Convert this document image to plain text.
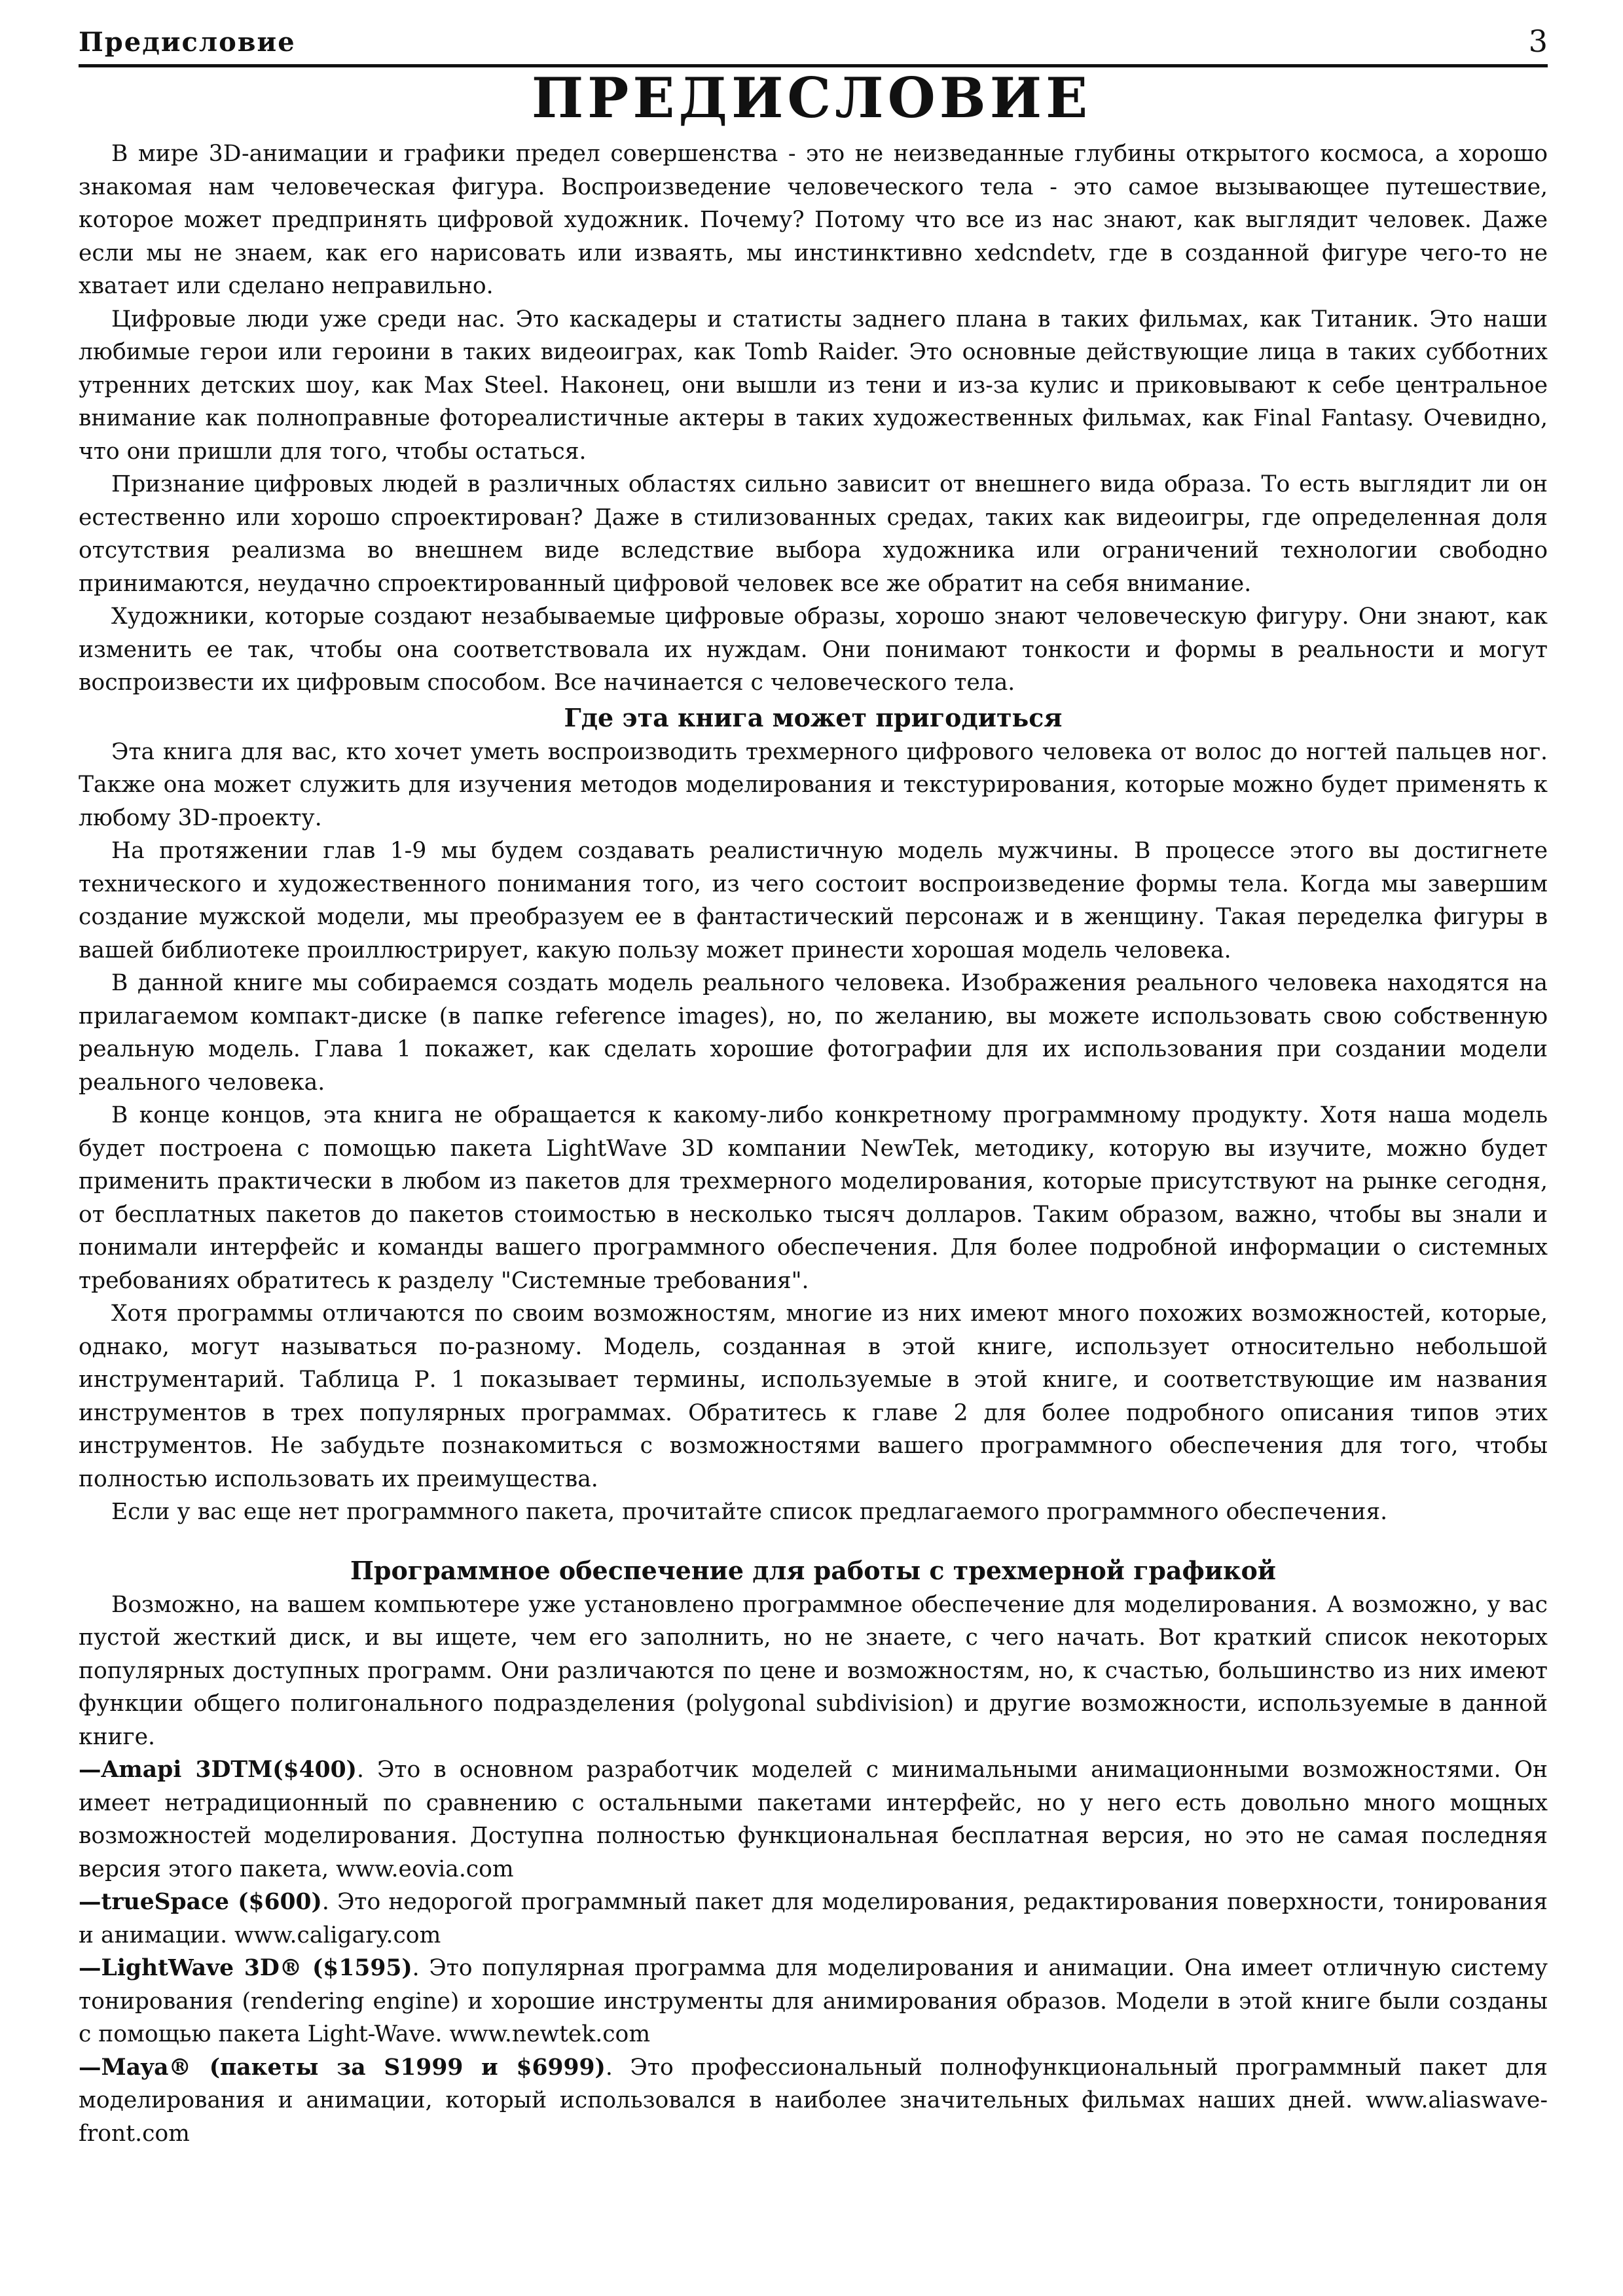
Предисловие	3
ПРЕДИСЛОВИЕ

В мире 3D-анимации и графики предел совершенства - это не неизведанные глубины открытого космоса, а хорошо знакомая нам человеческая фигура. Воспроизведение человеческого тела - это самое вызывающее путешествие, которое может предпринять цифровой художник. Почему? Потому что все из нас знают, как выглядит человек. Даже если мы не знаем, как его нарисовать или изваять, мы инстинктивно xedcndetv, где в созданной фигуре чего-то не хватает или сделано неправильно.

Цифровые люди уже среди нас. Это каскадеры и статисты заднего плана в таких фильмах, как Титаник. Это наши любимые герои или героини в таких видеоиграх, как Tomb Raider. Это основные действующие лица в таких субботних утренних детских шоу, как Max Steel. Наконец, они вышли из тени и из-за кулис и приковывают к себе центральное внимание как полноправные фотореалистичные актеры в таких художественных фильмах, как Final Fantasy. Очевидно, что они пришли для того, чтобы остаться.

Признание цифровых людей в различных областях сильно зависит от внешнего вида образа. То есть выглядит ли он естественно или хорошо спроектирован? Даже в стилизованных средах, таких как видеоигры, где определенная доля отсутствия реализма во внешнем виде вследствие выбора художника или ограничений технологии свободно принимаются, неудачно спроектированный цифровой человек все же обратит на себя внимание.

Художники, которые создают незабываемые цифровые образы, хорошо знают человеческую фигуру. Они знают, как изменить ее так, чтобы она соответствовала их нуждам. Они понимают тонкости и формы в реальности и могут воспроизвести их цифровым способом. Все начинается с человеческого тела.

Где эта книга может пригодиться

Эта книга для вас, кто хочет уметь воспроизводить трехмерного цифрового человека от волос до ногтей пальцев ног. Также она может служить для изучения методов моделирования и текстурирования, которые можно будет применять к любому 3D-проекту.

На протяжении глав 1-9 мы будем создавать реалистичную модель мужчины. В процессе этого вы достигнете технического и художественного понимания того, из чего состоит воспроизведение формы тела. Когда мы завершим создание мужской модели, мы преобразуем ее в фантастический персонаж и в женщину. Такая переделка фигуры в вашей библиотеке проиллюстрирует, какую пользу может принести хорошая модель человека.

В данной книге мы собираемся создать модель реального человека. Изображения реального человека находятся на прилагаемом компакт-диске (в папке reference images), но, по желанию, вы можете использовать свою собственную реальную модель. Глава 1 покажет, как сделать хорошие фотографии для их использования при создании модели реального человека.

В конце концов, эта книга не обращается к какому-либо конкретному программному продукту. Хотя наша модель будет построена с помощью пакета LightWave 3D компании NewTek, методику, которую вы изучите, можно будет применить практически в любом из пакетов для трехмерного моделирования, которые присутствуют на рынке сегодня, от бесплатных пакетов до пакетов стоимостью в несколько тысяч долларов. Таким образом, важно, чтобы вы знали и понимали интерфейс и команды вашего программного обеспечения. Для более подробной информации о системных требованиях обратитесь к разделу "Системные требования".

Хотя программы отличаются по своим возможностям, многие из них имеют много похожих возможностей, которые, однако, могут называться по-разному. Модель, созданная в этой книге, использует относительно небольшой инструментарий. Таблица Р. 1 показывает термины, используемые в этой книге, и соответствующие им названия инструментов в трех популярных программах. Обратитесь к главе 2 для более подробного описания типов этих инструментов. Не забудьте познакомиться с возможностями вашего программного обеспечения для того, чтобы полностью использовать их преимущества.

Если у вас еще нет программного пакета, прочитайте список предлагаемого программного обеспечения.

Программное обеспечение для работы с трехмерной графикой

Возможно, на вашем компьютере уже установлено программное обеспечение для моделирования. А возможно, у вас пустой жесткий диск, и вы ищете, чем его заполнить, но не знаете, с чего начать. Вот краткий список некоторых популярных доступных программ. Они различаются по цене и возможностям, но, к счастью, большинство из них имеют функции общего полигонального подразделения (polygonal subdivision) и другие возможности, используемые в данной книге.

—Amapi 3DTM($400). Это в основном разработчик моделей с минимальными анимационными возможностями. Он имеет нетрадиционный по сравнению с остальными пакетами интерфейс, но у него есть довольно много мощных возможностей моделирования. Доступна полностью функциональная бесплатная версия, но это не самая последняя версия этого пакета, www.eovia.com

—trueSpace ($600). Это недорогой программный пакет для моделирования, редактирования поверхности, тонирования и анимации. www.caligary.com

—LightWave 3D® ($1595). Это популярная программа для моделирования и анимации. Она имеет отличную систему тонирования (rendering engine) и хорошие инструменты для анимирования образов. Модели в этой книге были созданы с помощью пакета Light-Wave. www.newtek.com

—Maya® (пакеты за S1999 и $6999). Это профессиональный полнофункциональный программный пакет для моделирования и анимации, который использовался в наиболее значительных фильмах наших дней. www.aliaswave-front.com
